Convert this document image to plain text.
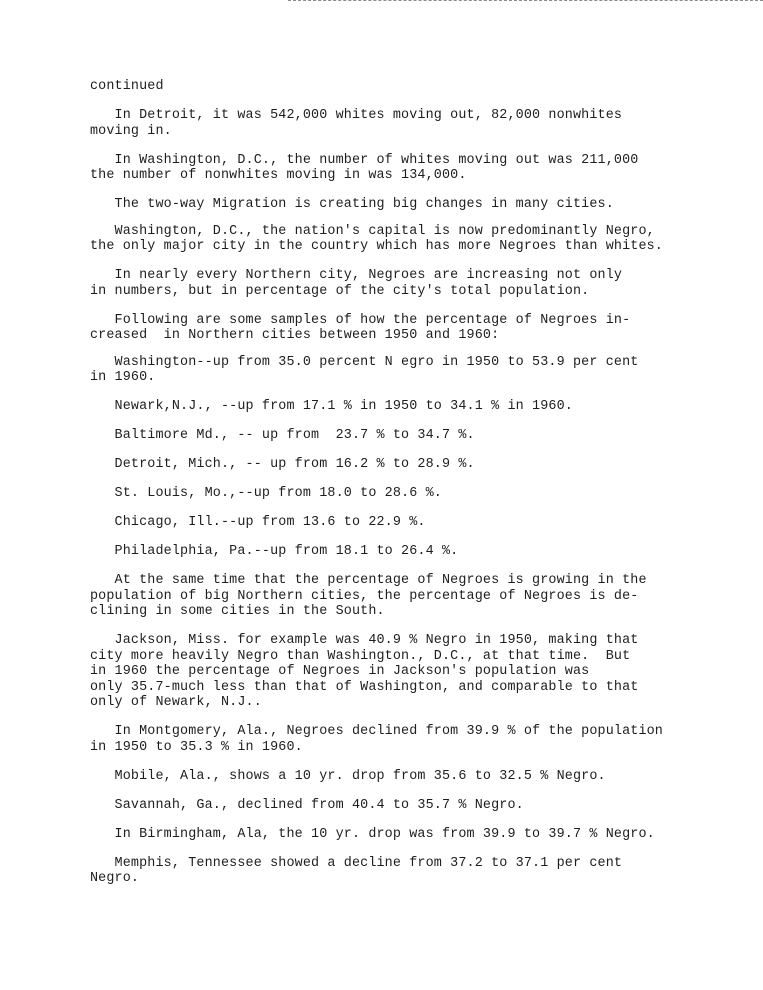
continued
In Detroit, it was 542,000 whites moving out, 82,000 nonwhites
moving in.
In Washington, D.C., the number of whites moving out was 211,000
the number of nonwhites moving in was 134,000.
The two-way Migration is creating big changes in many cities.
Washington, D.C., the nation's capital is now predominantly Negro,
the only major city in the country which has more Negroes than whites.
In nearly every Northern city, Negroes are increasing not only
in numbers, but in percentage of the city's total population.
Following are some samples of how the percentage of Negroes in-
creased  in Northern cities between 1950 and 1960:
Washington--up from 35.0 percent N egro in 1950 to 53.9 per cent
in 1960.
Newark,N.J., --up from 17.1 % in 1950 to 34.1 % in 1960.
Baltimore Md., -- up from  23.7 % to 34.7 %.
Detroit, Mich., -- up from 16.2 % to 28.9 %.
St. Louis, Mo.,--up from 18.0 to 28.6 %.
Chicago, Ill.--up from 13.6 to 22.9 %.
Philadelphia, Pa.--up from 18.1 to 26.4 %.
At the same time that the percentage of Negroes is growing in the
population of big Northern cities, the percentage of Negroes is de-
clining in some cities in the South.
Jackson, Miss. for example was 40.9 % Negro in 1950, making that
city more heavily Negro than Washington., D.C., at that time.  But
in 1960 the percentage of Negroes in Jackson's population was
only 35.7-much less than that of Washington, and comparable to that
only of Newark, N.J..
In Montgomery, Ala., Negroes declined from 39.9 % of the population
in 1950 to 35.3 % in 1960.
Mobile, Ala., shows a 10 yr. drop from 35.6 to 32.5 % Negro.
Savannah, Ga., declined from 40.4 to 35.7 % Negro.
In Birmingham, Ala, the 10 yr. drop was from 39.9 to 39.7 % Negro.
Memphis, Tennessee showed a decline from 37.2 to 37.1 per cent
Negro.
